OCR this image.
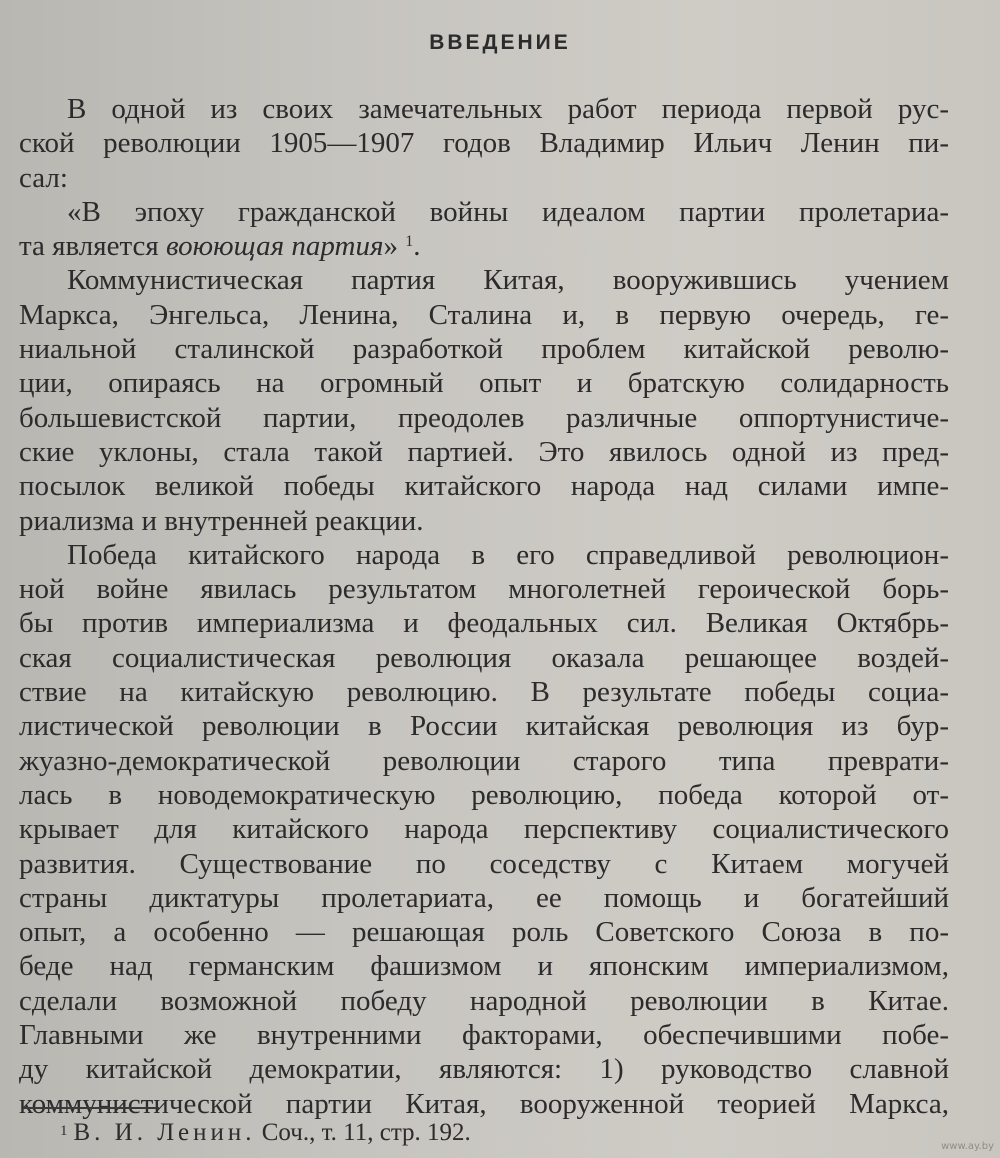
ВВЕДЕНИЕ
В одной из своих замечательных работ периода первой рус-
ской революции 1905—1907 годов Владимир Ильич Ленин пи-
сал:
«В эпоху гражданской войны идеалом партии пролетариа-
та является воюющая партия» $^1$.
Коммунистическая партия Китая, вооружившись учением
Маркса, Энгельса, Ленина, Сталина и, в первую очередь, ге-
ниальной сталинской разработкой проблем китайской револю-
ции, опираясь на огромный опыт и братскую солидарность
большевистской партии, преодолев различные оппортунистиче-
ские уклоны, стала такой партией. Это явилось одной из пред-
посылок великой победы китайского народа над силами импе-
риализма и внутренней реакции.
Победа китайского народа в его справедливой революцион-
ной войне явилась результатом многолетней героической борь-
бы против империализма и феодальных сил. Великая Октябрь-
ская социалистическая революция оказала решающее воздей-
ствие на китайскую революцию. В результате победы социа-
листической революции в России китайская революция из бур-
жуазно-демократической революции старого типа преврати-
лась в новодемократическую революцию, победа которой от-
крывает для китайского народа перспективу социалистического
развития. Существование по соседству с Китаем могучей
страны диктатуры пролетариата, ее помощь и богатейший
опыт, а особенно — решающая роль Советского Союза в по-
беде над германским фашизмом и японским империализмом,
сделали возможной победу народной революции в Китае.
Главными же внутренними факторами, обеспечившими побе-
ду китайской демократии, являются: 1) руководство славной
коммунистической партии Китая, вооруженной теорией Маркса,
$^1$ В. И. Ленин. Соч., т. 11, стр. 192.
www.ay.by
